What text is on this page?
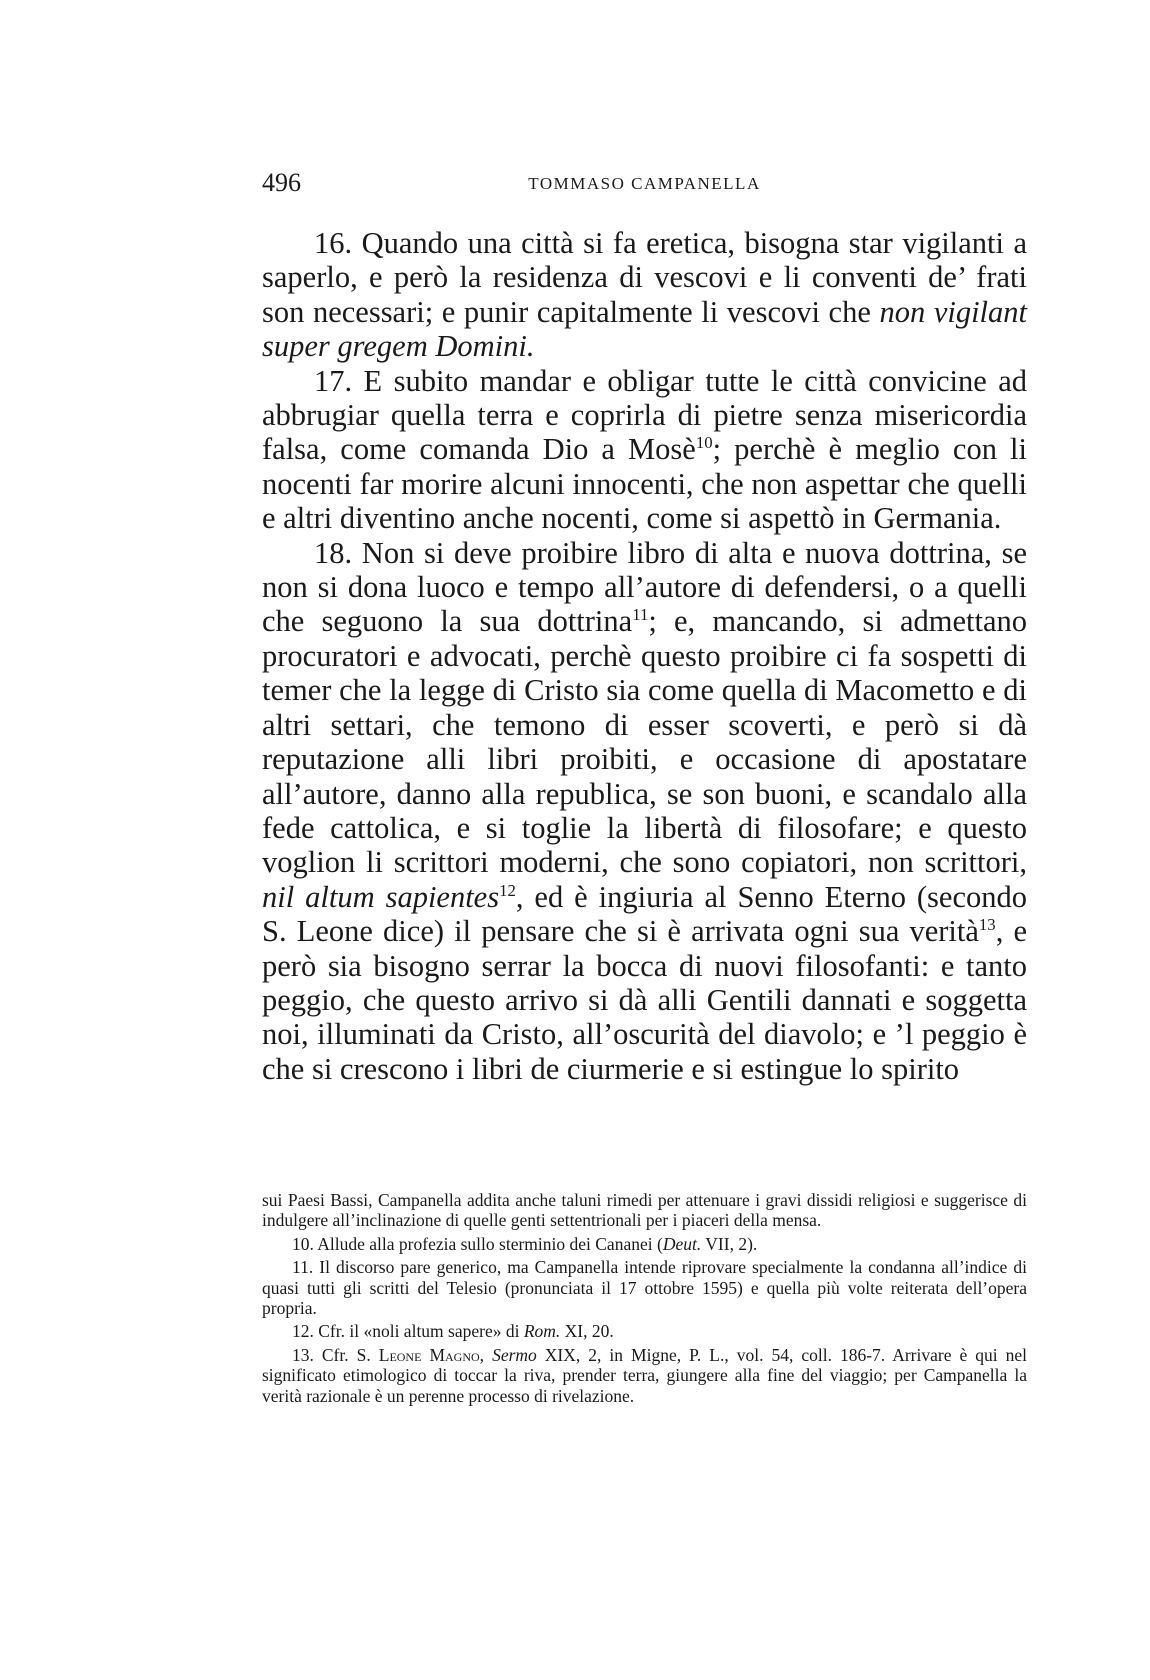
496	TOMMASO CAMPANELLA

16. Quando una città si fa eretica, bisogna star vigilanti a saperlo, e però la residenza di vescovi e li conventi de’ frati son necessari; e punir capitalmente li vescovi che non vigilant super gregem Domini.

17. E subito mandar e obligar tutte le città convicine ad abbrugiar quella terra e coprirla di pietre senza misericordia falsa, come comanda Dio a Mosè$^{10}$; perchè è meglio con li nocenti far morire alcuni innocenti, che non aspettar che quelli e altri diventino anche nocenti, come si aspettò in Germania.

18. Non si deve proibire libro di alta e nuova dottrina, se non si dona luoco e tempo all’autore di defendersi, o a quelli che seguono la sua dottrina$^{11}$; e, mancando, si admettano procuratori e advocati, perchè questo proibire ci fa sospetti di temer che la legge di Cristo sia come quella di Macometto e di altri settari, che temono di esser scoverti, e però si dà reputazione alli libri proibiti, e occasione di apostatare all’autore, danno alla republica, se son buoni, e scandalo alla fede cattolica, e si toglie la libertà di filosofare; e questo voglion li scrittori moderni, che sono copiatori, non scrittori, nil altum sapientes$^{12}$, ed è ingiuria al Senno Eterno (secondo S. Leone dice) il pensare che si è arrivata ogni sua verità$^{13}$, e però sia bisogno serrar la bocca di nuovi filosofanti: e tanto peggio, che questo arrivo si dà alli Gentili dannati e soggetta noi, illuminati da Cristo, all’oscurità del diavolo; e ’l peggio è che si crescono i libri de ciurmerie e si estingue lo spirito

sui Paesi Bassi, Campanella addita anche taluni rimedi per attenuare i gravi dissidi religiosi e suggerisce di indulgere all’inclinazione di quelle genti settentrionali per i piaceri della mensa.

10. Allude alla profezia sullo sterminio dei Cananei (Deut. VII, 2).

11. Il discorso pare generico, ma Campanella intende riprovare specialmente la condanna all’indice di quasi tutti gli scritti del Telesio (pronunciata il 17 ottobre 1595) e quella più volte reiterata dell’opera propria.

12. Cfr. il «noli altum sapere» di Rom. XI, 20.

13. Cfr. S. Leone Magno, Sermo XIX, 2, in Migne, P. L., vol. 54, coll. 186-7. Arrivare è qui nel significato etimologico di toccar la riva, prender terra, giungere alla fine del viaggio; per Campanella la verità razionale è un perenne processo di rivelazione.
